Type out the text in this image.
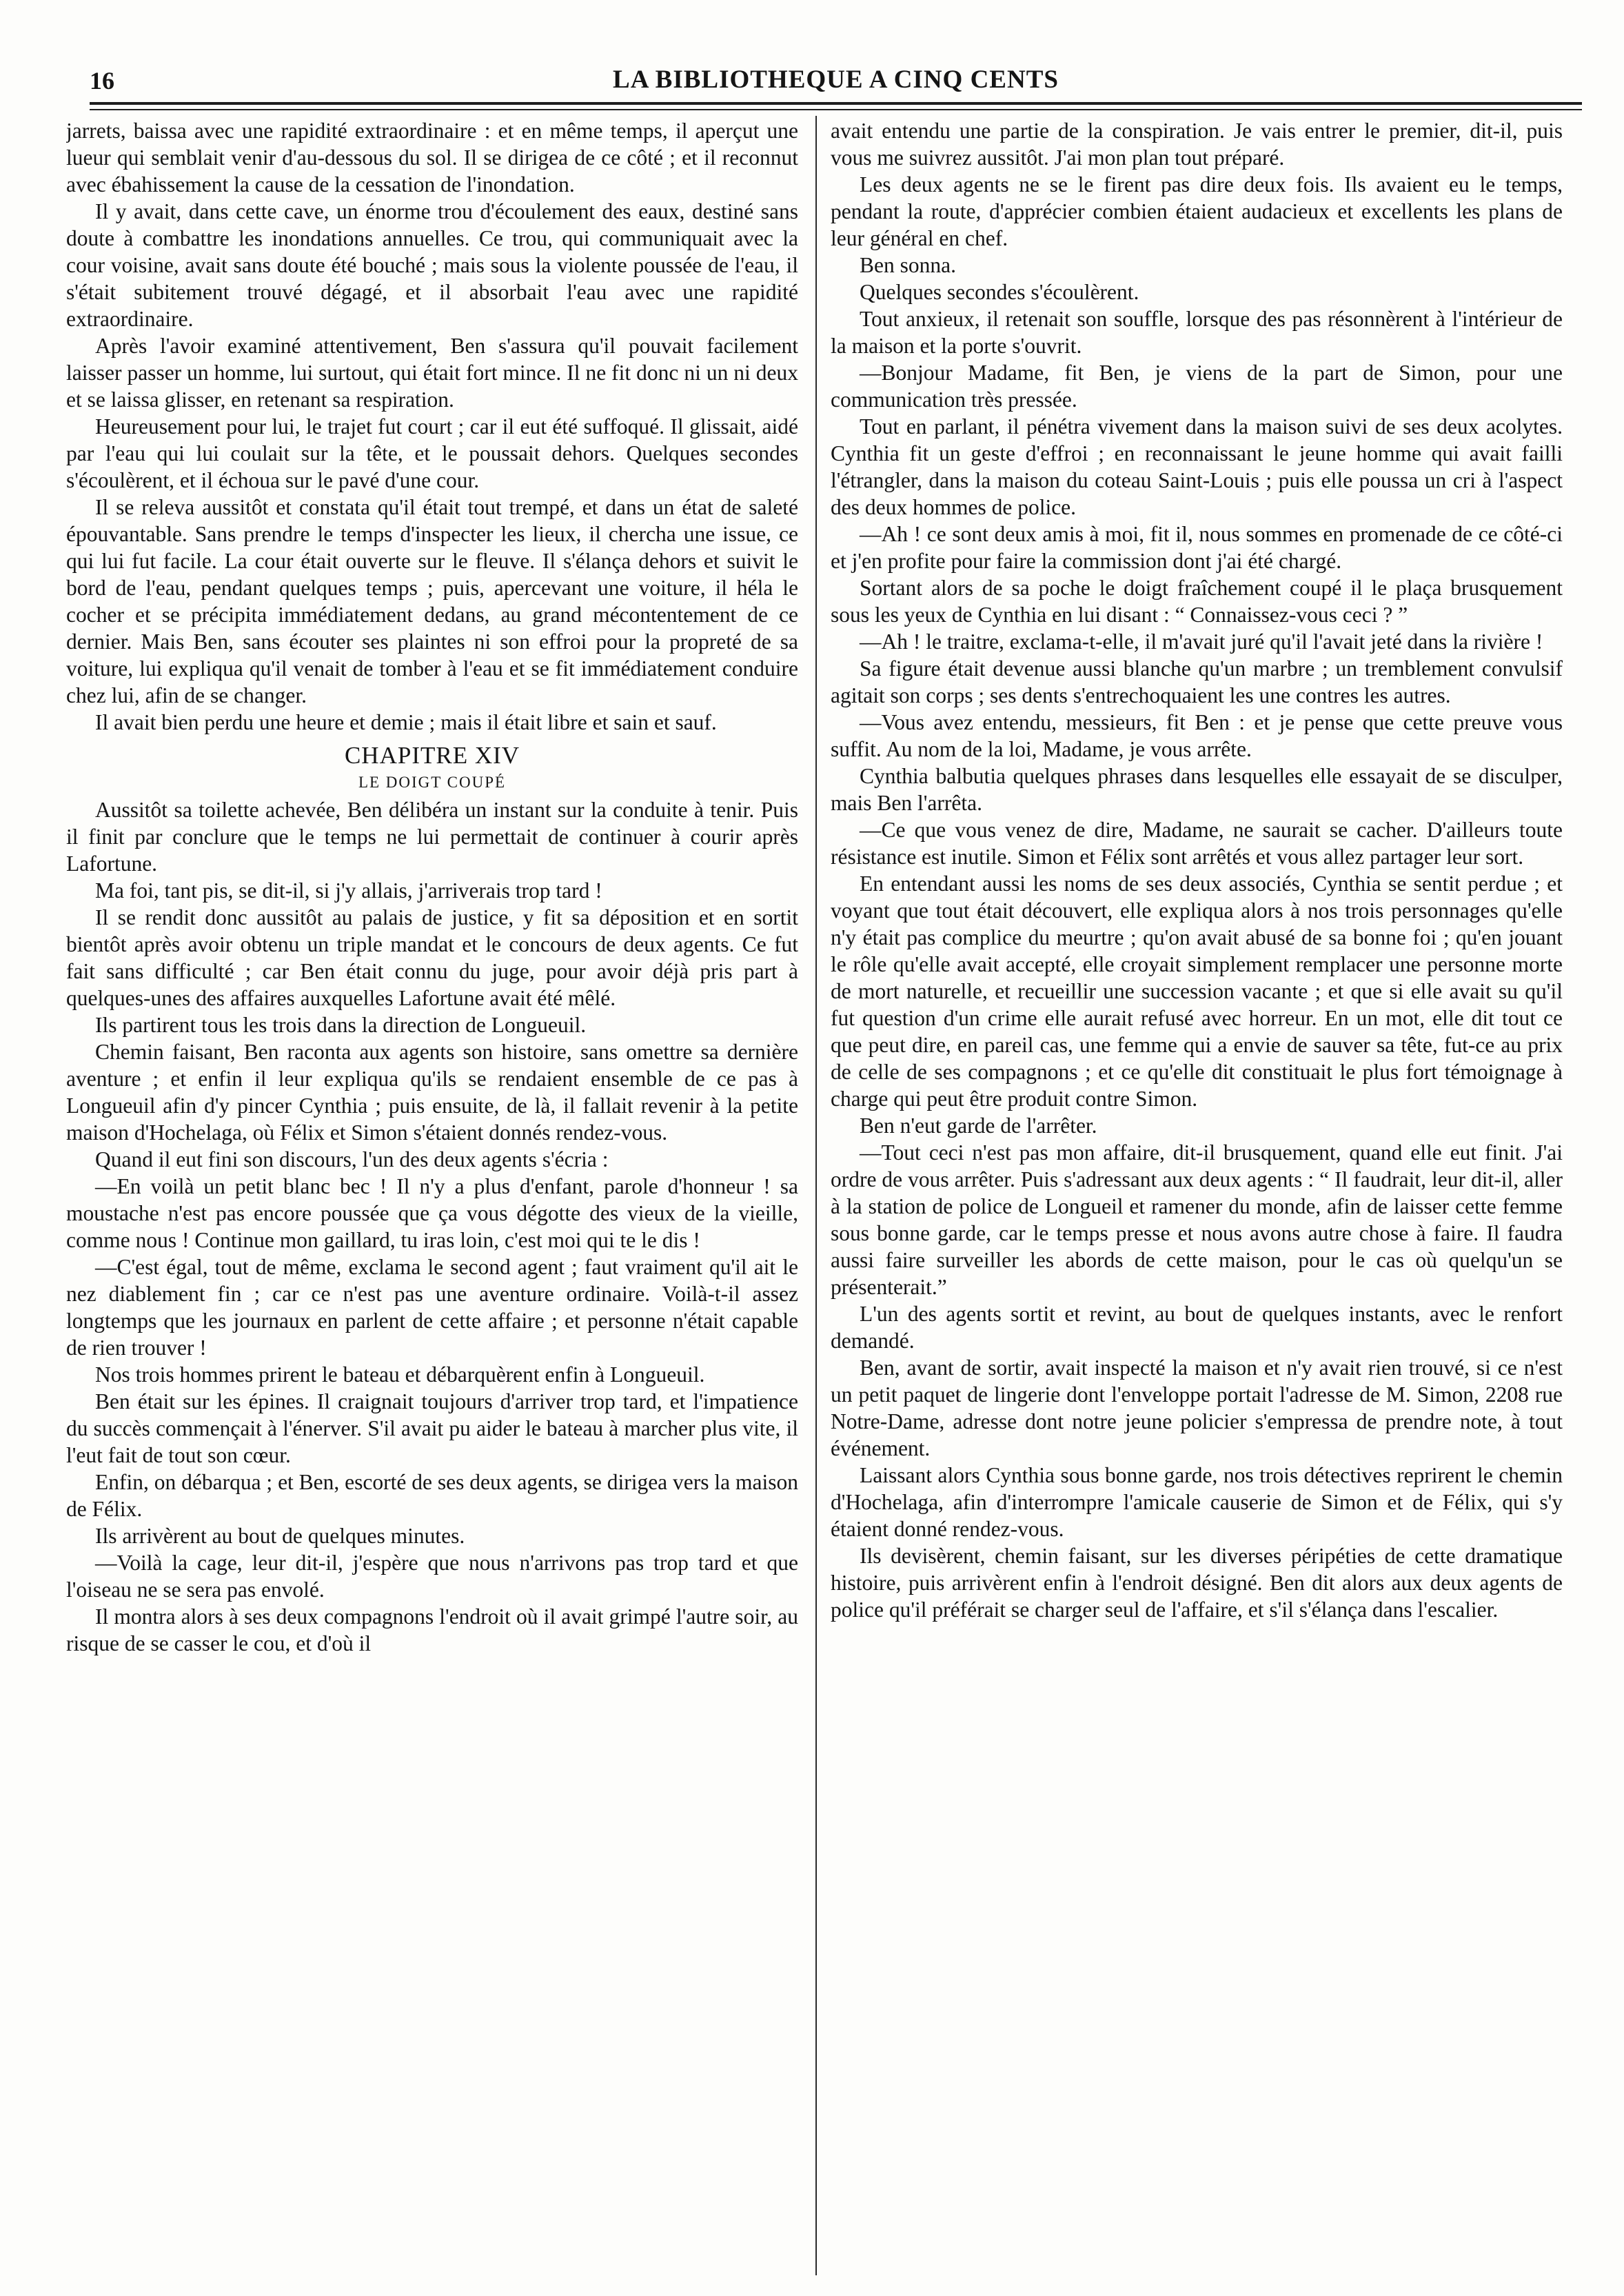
16	LA BIBLIOTHEQUE A CINQ CENTS

jarrets, baissa avec une rapidité extraordinaire : et en même temps, il aperçut une lueur qui semblait venir d'au-dessous du sol. Il se dirigea de ce côté ; et il reconnut avec ébahissement la cause de la cessation de l'inondation.

Il y avait, dans cette cave, un énorme trou d'écoulement des eaux, destiné sans doute à combattre les inondations annuelles. Ce trou, qui communiquait avec la cour voisine, avait sans doute été bouché ; mais sous la violente poussée de l'eau, il s'était subitement trouvé dégagé, et il absorbait l'eau avec une rapidité extraordinaire.

Après l'avoir examiné attentivement, Ben s'assura qu'il pouvait facilement laisser passer un homme, lui surtout, qui était fort mince. Il ne fit donc ni un ni deux et se laissa glisser, en retenant sa respiration.

Heureusement pour lui, le trajet fut court ; car il eut été suffoqué. Il glissait, aidé par l'eau qui lui coulait sur la tête, et le poussait dehors. Quelques secondes s'écoulèrent, et il échoua sur le pavé d'une cour.

Il se releva aussitôt et constata qu'il était tout trempé, et dans un état de saleté épouvantable. Sans prendre le temps d'inspecter les lieux, il chercha une issue, ce qui lui fut facile. La cour était ouverte sur le fleuve. Il s'élança dehors et suivit le bord de l'eau, pendant quelques temps ; puis, apercevant une voiture, il héla le cocher et se précipita immédiatement dedans, au grand mécontentement de ce dernier. Mais Ben, sans écouter ses plaintes ni son effroi pour la propreté de sa voiture, lui expliqua qu'il venait de tomber à l'eau et se fit immédiatement conduire chez lui, afin de se changer.

Il avait bien perdu une heure et demie ; mais il était libre et sain et sauf.

CHAPITRE XIV
LE DOIGT COUPÉ

Aussitôt sa toilette achevée, Ben délibéra un instant sur la conduite à tenir. Puis il finit par conclure que le temps ne lui permettait de continuer à courir après Lafortune.

Ma foi, tant pis, se dit-il, si j'y allais, j'arriverais trop tard !

Il se rendit donc aussitôt au palais de justice, y fit sa déposition et en sortit bientôt après avoir obtenu un triple mandat et le concours de deux agents. Ce fut fait sans difficulté ; car Ben était connu du juge, pour avoir déjà pris part à quelques-unes des affaires auxquelles Lafortune avait été mêlé.

Ils partirent tous les trois dans la direction de Longueuil.

Chemin faisant, Ben raconta aux agents son histoire, sans omettre sa dernière aventure ; et enfin il leur expliqua qu'ils se rendaient ensemble de ce pas à Longueuil afin d'y pincer Cynthia ; puis ensuite, de là, il fallait revenir à la petite maison d'Hochelaga, où Félix et Simon s'étaient donnés rendez-vous.

Quand il eut fini son discours, l'un des deux agents s'écria :

—En voilà un petit blanc bec ! Il n'y a plus d'enfant, parole d'honneur ! sa moustache n'est pas encore poussée que ça vous dégotte des vieux de la vieille, comme nous ! Continue mon gaillard, tu iras loin, c'est moi qui te le dis !

—C'est égal, tout de même, exclama le second agent ; faut vraiment qu'il ait le nez diablement fin ; car ce n'est pas une aventure ordinaire. Voilà-t-il assez longtemps que les journaux en parlent de cette affaire ; et personne n'était capable de rien trouver !

Nos trois hommes prirent le bateau et débarquèrent enfin à Longueuil.

Ben était sur les épines. Il craignait toujours d'arriver trop tard, et l'impatience du succès commençait à l'énerver. S'il avait pu aider le bateau à marcher plus vite, il l'eut fait de tout son cœur.

Enfin, on débarqua ; et Ben, escorté de ses deux agents, se dirigea vers la maison de Félix.

Ils arrivèrent au bout de quelques minutes.

—Voilà la cage, leur dit-il, j'espère que nous n'arrivons pas trop tard et que l'oiseau ne se sera pas envolé.

Il montra alors à ses deux compagnons l'endroit où il avait grimpé l'autre soir, au risque de se casser le cou, et d'où il

avait entendu une partie de la conspiration. Je vais entrer le premier, dit-il, puis vous me suivrez aussitôt. J'ai mon plan tout préparé.

Les deux agents ne se le firent pas dire deux fois. Ils avaient eu le temps, pendant la route, d'apprécier combien étaient audacieux et excellents les plans de leur général en chef.

Ben sonna.

Quelques secondes s'écoulèrent.

Tout anxieux, il retenait son souffle, lorsque des pas résonnèrent à l'intérieur de la maison et la porte s'ouvrit.

—Bonjour Madame, fit Ben, je viens de la part de Simon, pour une communication très pressée.

Tout en parlant, il pénétra vivement dans la maison suivi de ses deux acolytes. Cynthia fit un geste d'effroi ; en reconnaissant le jeune homme qui avait failli l'étrangler, dans la maison du coteau Saint-Louis ; puis elle poussa un cri à l'aspect des deux hommes de police.

—Ah ! ce sont deux amis à moi, fit il, nous sommes en promenade de ce côté-ci et j'en profite pour faire la commission dont j'ai été chargé.

Sortant alors de sa poche le doigt fraîchement coupé il le plaça brusquement sous les yeux de Cynthia en lui disant : “ Connaissez-vous ceci ? ”

—Ah ! le traitre, exclama-t-elle, il m'avait juré qu'il l'avait jeté dans la rivière !

Sa figure était devenue aussi blanche qu'un marbre ; un tremblement convulsif agitait son corps ; ses dents s'entrechoquaient les une contres les autres.

—Vous avez entendu, messieurs, fit Ben : et je pense que cette preuve vous suffit. Au nom de la loi, Madame, je vous arrête.

Cynthia balbutia quelques phrases dans lesquelles elle essayait de se disculper, mais Ben l'arrêta.

—Ce que vous venez de dire, Madame, ne saurait se cacher. D'ailleurs toute résistance est inutile. Simon et Félix sont arrêtés et vous allez partager leur sort.

En entendant aussi les noms de ses deux associés, Cynthia se sentit perdue ; et voyant que tout était découvert, elle expliqua alors à nos trois personnages qu'elle n'y était pas complice du meurtre ; qu'on avait abusé de sa bonne foi ; qu'en jouant le rôle qu'elle avait accepté, elle croyait simplement remplacer une personne morte de mort naturelle, et recueillir une succession vacante ; et que si elle avait su qu'il fut question d'un crime elle aurait refusé avec horreur. En un mot, elle dit tout ce que peut dire, en pareil cas, une femme qui a envie de sauver sa tête, fut-ce au prix de celle de ses compagnons ; et ce qu'elle dit constituait le plus fort témoignage à charge qui peut être produit contre Simon.

Ben n'eut garde de l'arrêter.

—Tout ceci n'est pas mon affaire, dit-il brusquement, quand elle eut finit. J'ai ordre de vous arrêter. Puis s'adressant aux deux agents : “ Il faudrait, leur dit-il, aller à la station de police de Longueil et ramener du monde, afin de laisser cette femme sous bonne garde, car le temps presse et nous avons autre chose à faire. Il faudra aussi faire surveiller les abords de cette maison, pour le cas où quelqu'un se présenterait.”

L'un des agents sortit et revint, au bout de quelques instants, avec le renfort demandé.

Ben, avant de sortir, avait inspecté la maison et n'y avait rien trouvé, si ce n'est un petit paquet de lingerie dont l'enveloppe portait l'adresse de M. Simon, 2208 rue Notre-Dame, adresse dont notre jeune policier s'empressa de prendre note, à tout événement.

Laissant alors Cynthia sous bonne garde, nos trois détectives reprirent le chemin d'Hochelaga, afin d'interrompre l'amicale causerie de Simon et de Félix, qui s'y étaient donné rendez-vous.

Ils devisèrent, chemin faisant, sur les diverses péripéties de cette dramatique histoire, puis arrivèrent enfin à l'endroit désigné. Ben dit alors aux deux agents de police qu'il préférait se charger seul de l'affaire, et s'il s'élança dans l'escalier.
